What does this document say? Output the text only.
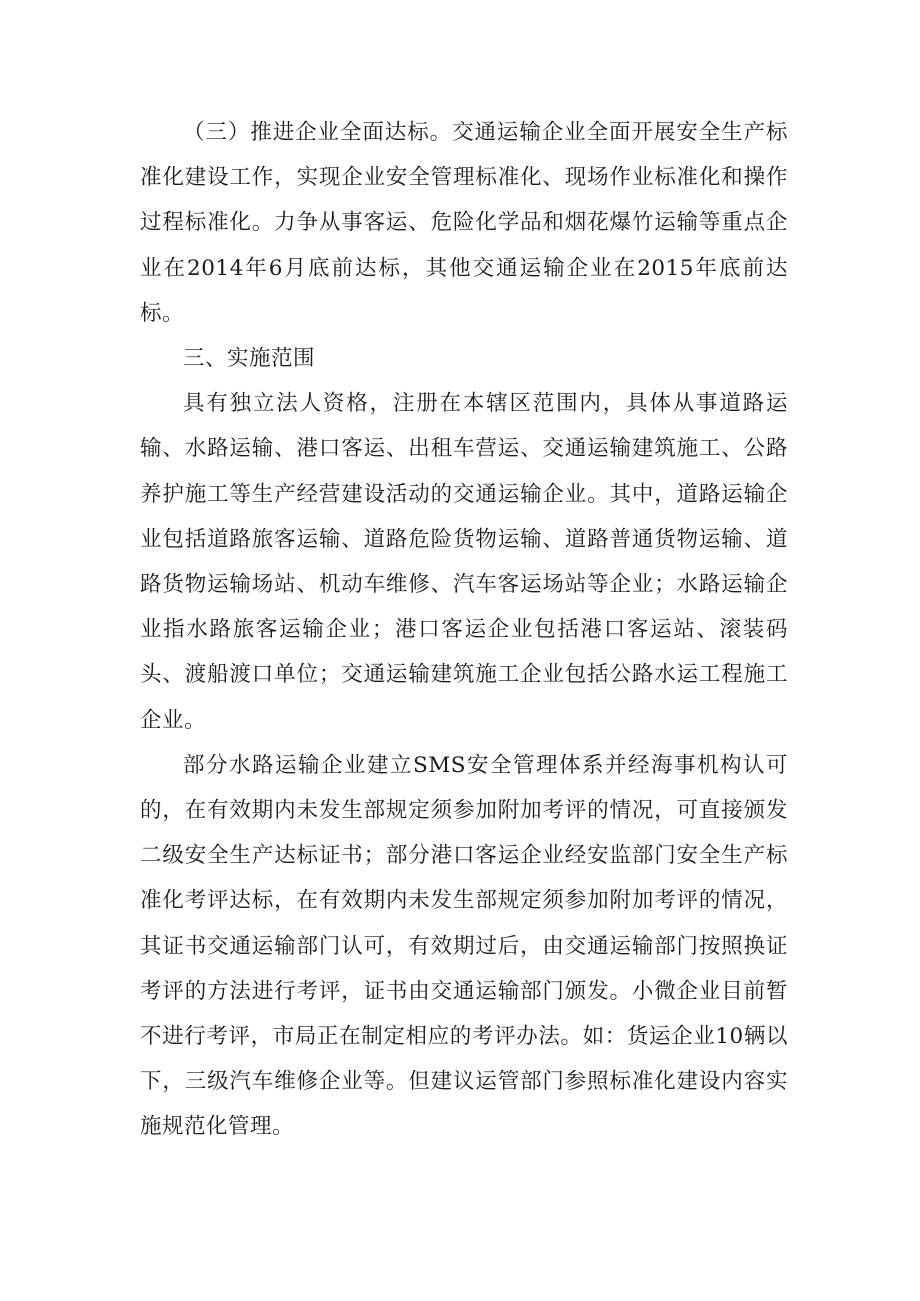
（三）推进企业全面达标。交通运输企业全面开展安全生产标准化建设工作，实现企业安全管理标准化、现场作业标准化和操作过程标准化。力争从事客运、危险化学品和烟花爆竹运输等重点企业在2014年6月底前达标，其他交通运输企业在2015年底前达标。

三、实施范围

具有独立法人资格，注册在本辖区范围内，具体从事道路运输、水路运输、港口客运、出租车营运、交通运输建筑施工、公路养护施工等生产经营建设活动的交通运输企业。其中，道路运输企业包括道路旅客运输、道路危险货物运输、道路普通货物运输、道路货物运输场站、机动车维修、汽车客运场站等企业；水路运输企业指水路旅客运输企业；港口客运企业包括港口客运站、滚装码头、渡船渡口单位；交通运输建筑施工企业包括公路水运工程施工企业。

部分水路运输企业建立SMS安全管理体系并经海事机构认可的，在有效期内未发生部规定须参加附加考评的情况，可直接颁发二级安全生产达标证书；部分港口客运企业经安监部门安全生产标准化考评达标，在有效期内未发生部规定须参加附加考评的情况，其证书交通运输部门认可，有效期过后，由交通运输部门按照换证考评的方法进行考评，证书由交通运输部门颁发。小微企业目前暂不进行考评，市局正在制定相应的考评办法。如：货运企业10辆以下，三级汽车维修企业等。但建议运管部门参照标准化建设内容实施规范化管理。
